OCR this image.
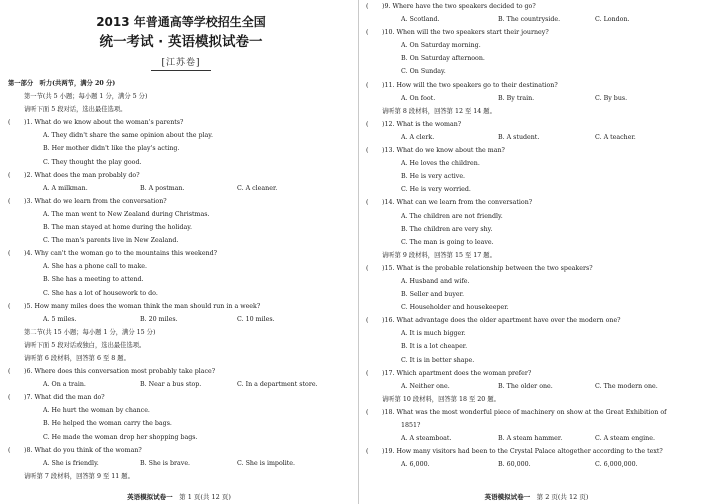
2013 年普通高等学校招生全国
统一考试 · 英语模拟试卷一
[江苏卷]
第一部分　听力(共两节，满分 20 分)
第一节(共 5 小题；每小题 1 分，满分 5 分)
请听下面 5 段对话，选出最佳选项。
(	)1. What do we know about the woman's parents?
A. They didn't share the same opinion about the play.
B. Her mother didn't like the play's acting.
C. They thought the play good.
(	)2. What does the man probably do?
A. A milkman.	B. A postman.	C. A cleaner.
(	)3. What do we learn from the conversation?
A. The man went to New Zealand during Christmas.
B. The man stayed at home during the holiday.
C. The man's parents live in New Zealand.
(	)4. Why can't the woman go to the mountains this weekend?
A. She has a phone call to make.
B. She has a meeting to attend.
C. She has a lot of housework to do.
(	)5. How many miles does the woman think the man should run in a week?
A. 5 miles.	B. 20 miles.	C. 10 miles.
第二节(共 15 小题；每小题 1 分，满分 15 分)
请听下面 5 段对话或独白，选出最佳选项。
请听第 6 段材料，回答第 6 至 8 题。
(	)6. Where does this conversation most probably take place?
A. On a train.	B. Near a bus stop.	C. In a department store.
(	)7. What did the man do?
A. He hurt the woman by chance.
B. He helped the woman carry the bags.
C. He made the woman drop her shopping bags.
(	)8. What do you think of the woman?
A. She is friendly.	B. She is brave.	C. She is impolite.
请听第 7 段材料，回答第 9 至 11 题。
英语模拟试卷一　 第 1 页(共 12 页)
(	)9. Where have the two speakers decided to go?
A. Scotland.	B. The countryside.	C. London.
(	)10. When will the two speakers start their journey?
A. On Saturday morning.
B. On Saturday afternoon.
C. On Sunday.
(	)11. How will the two speakers go to their destination?
A. On foot.	B. By train.	C. By bus.
请听第 8 段材料，回答第 12 至 14 题。
(	)12. What is the woman?
A. A clerk.	B. A student.	C. A teacher.
(	)13. What do we know about the man?
A. He loves the children.
B. He is very active.
C. He is very worried.
(	)14. What can we learn from the conversation?
A. The children are not friendly.
B. The children are very shy.
C. The man is going to leave.
请听第 9 段材料，回答第 15 至 17 题。
(	)15. What is the probable relationship between the two speakers?
A. Husband and wife.
B. Seller and buyer.
C. Householder and housekeeper.
(	)16. What advantage does the older apartment have over the modern one?
A. It is much bigger.
B. It is a lot cheaper.
C. It is in better shape.
(	)17. Which apartment does the woman prefer?
A. Neither one.	B. The older one.	C. The modern one.
请听第 10 段材料，回答第 18 至 20 题。
(	)18. What was the most wonderful piece of machinery on show at the Great Exhibition of
1851?
A. A steamboat.	B. A steam hammer.	C. A steam engine.
(	)19. How many visitors had been to the Crystal Palace altogether according to the text?
A. 6,000.	B. 60,000.	C. 6,000,000.
英语模拟试卷一　 第 2 页(共 12 页)
